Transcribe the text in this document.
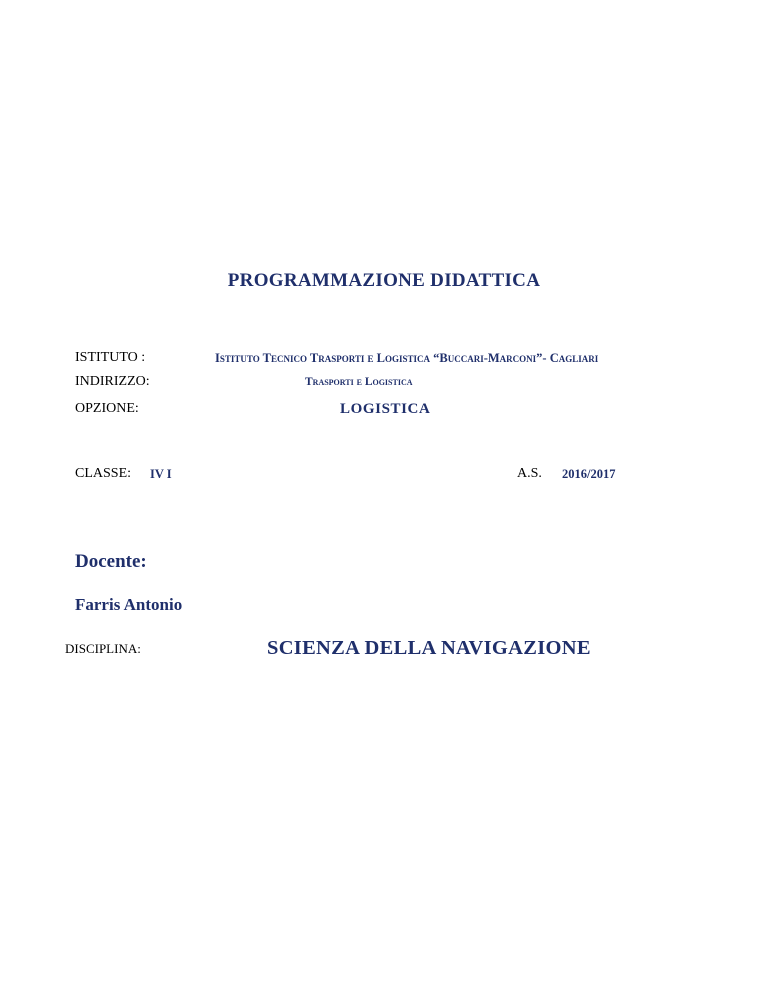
PROGRAMMAZIONE DIDATTICA
ISTITUTO :	Istituto Tecnico Trasporti e Logistica “Buccari-Marconi”- Cagliari
INDIRIZZO:	Trasporti e Logistica
OPZIONE:	LOGISTICA
CLASSE: IV I	A.S. 2016/2017
Docente:
Farris Antonio
DISCIPLINA:	SCIENZA DELLA NAVIGAZIONE
